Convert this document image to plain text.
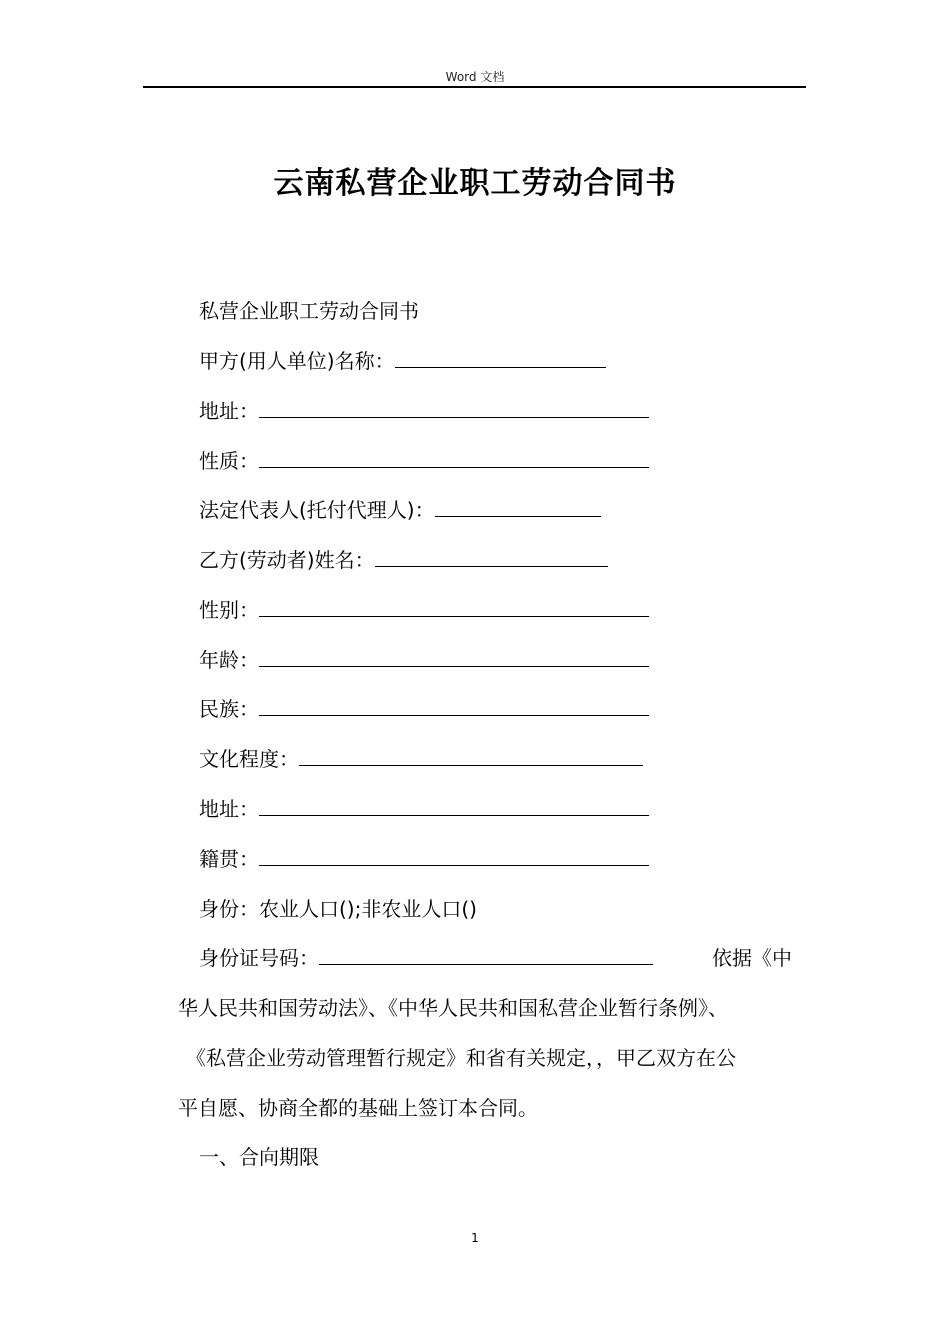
Word 文档
云南私营企业职工劳动合同书
私营企业职工劳动合同书
甲方(用人单位)名称：
地址：
性质：
法定代表人(托付代理人)：
乙方(劳动者)姓名：
性别：
年龄：
民族：
文化程度：
地址：
籍贯：
身份：农业人口();非农业人口()
身份证号码：	依据《中
华人民共和国劳动法》、《中华人民共和国私营企业暂行条例》、
《私营企业劳动管理暂行规定》和省有关规定，，甲乙双方在公
平自愿、协商全都的基础上签订本合同。
一、合向期限
1
